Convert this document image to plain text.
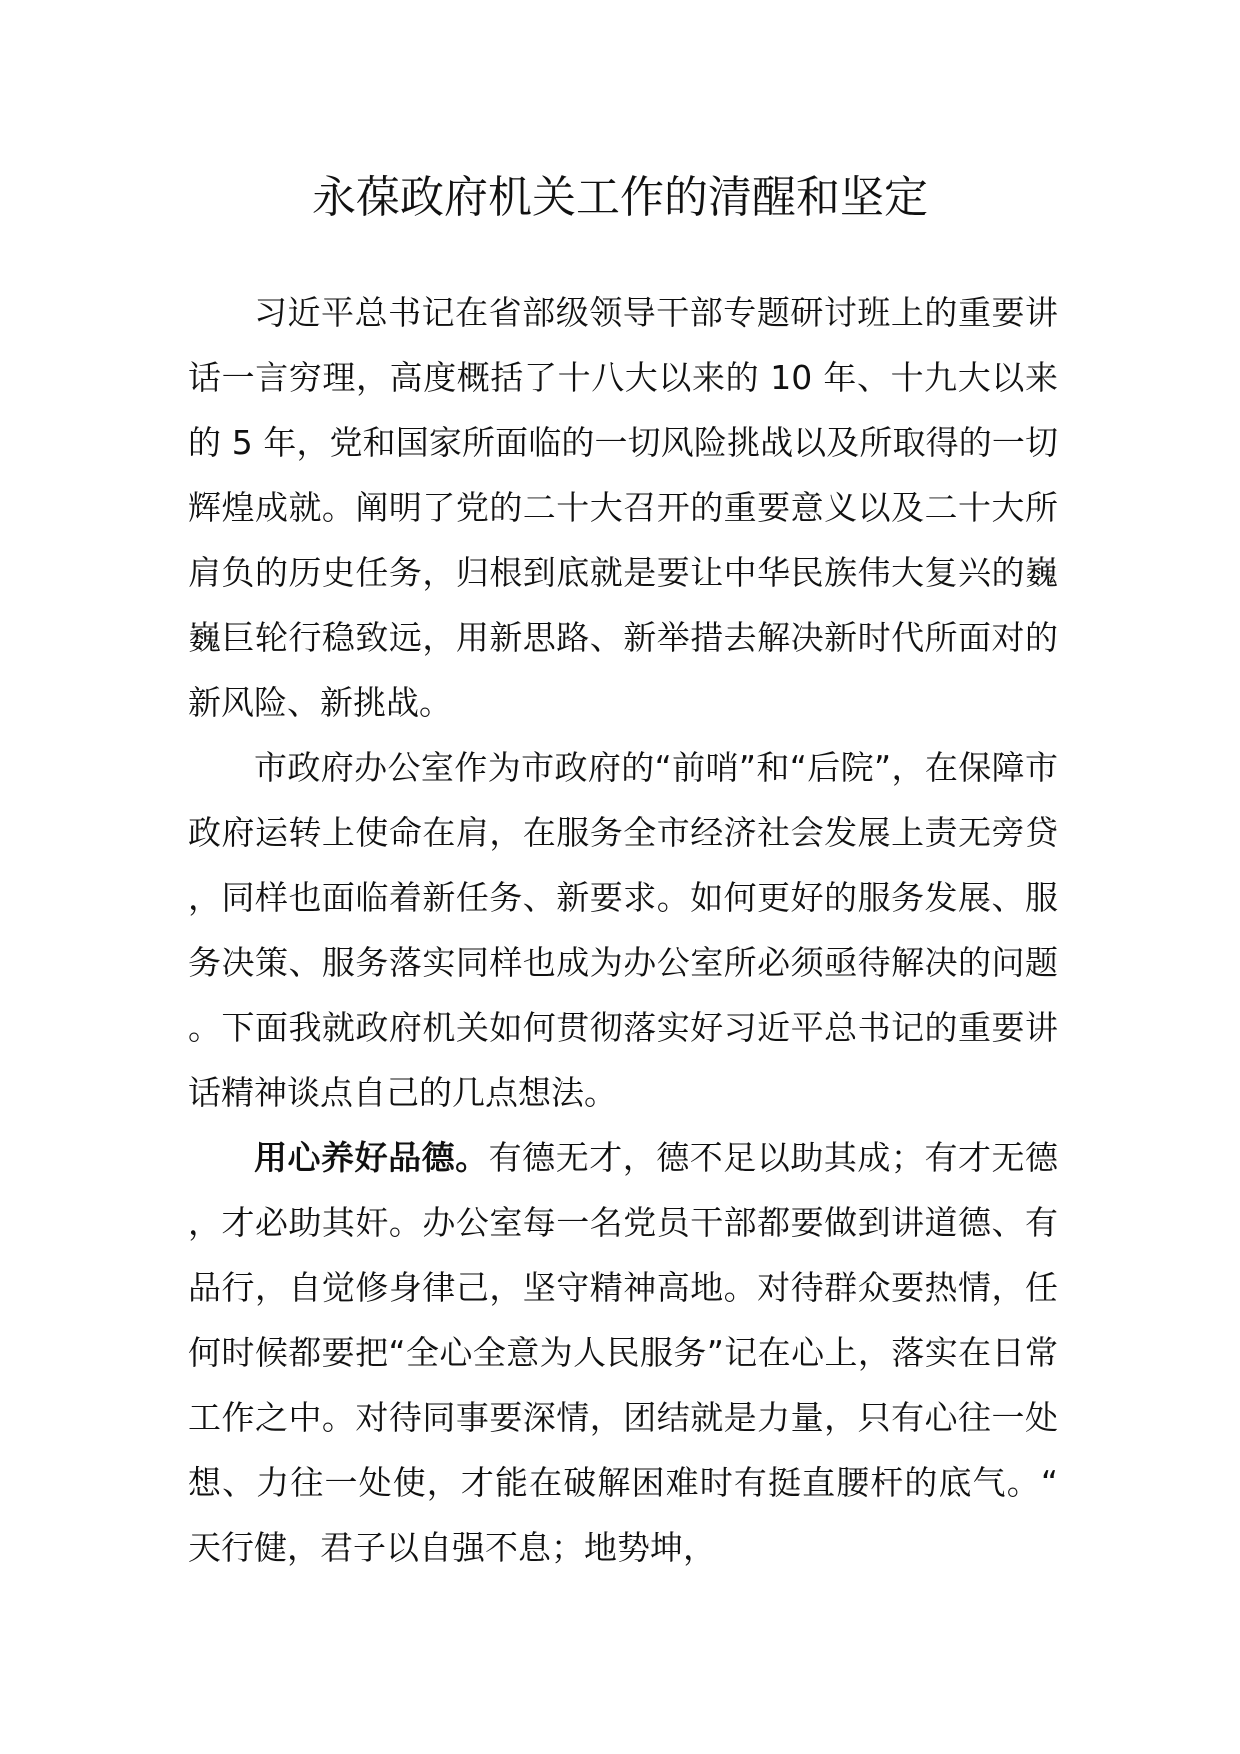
永葆政府机关工作的清醒和坚定

习近平总书记在省部级领导干部专题研讨班上的重要讲话一言穷理，高度概括了十八大以来的 10 年、十九大以来的 5 年，党和国家所面临的一切风险挑战以及所取得的一切辉煌成就。阐明了党的二十大召开的重要意义以及二十大所肩负的历史任务，归根到底就是要让中华民族伟大复兴的巍巍巨轮行稳致远，用新思路、新举措去解决新时代所面对的新风险、新挑战。

市政府办公室作为市政府的“前哨”和“后院”，在保障市政府运转上使命在肩，在服务全市经济社会发展上责无旁贷，同样也面临着新任务、新要求。如何更好的服务发展、服务决策、服务落实同样也成为办公室所必须亟待解决的问题。下面我就政府机关如何贯彻落实好习近平总书记的重要讲话精神谈点自己的几点想法。

用心养好品德。有德无才，德不足以助其成；有才无德，才必助其奸。办公室每一名党员干部都要做到讲道德、有品行，自觉修身律己，坚守精神高地。对待群众要热情，任何时候都要把“全心全意为人民服务”记在心上，落实在日常工作之中。对待同事要深情，团结就是力量，只有心往一处想、力往一处使，才能在破解困难时有挺直腰杆的底气。“天行健，君子以自强不息；地势坤，
